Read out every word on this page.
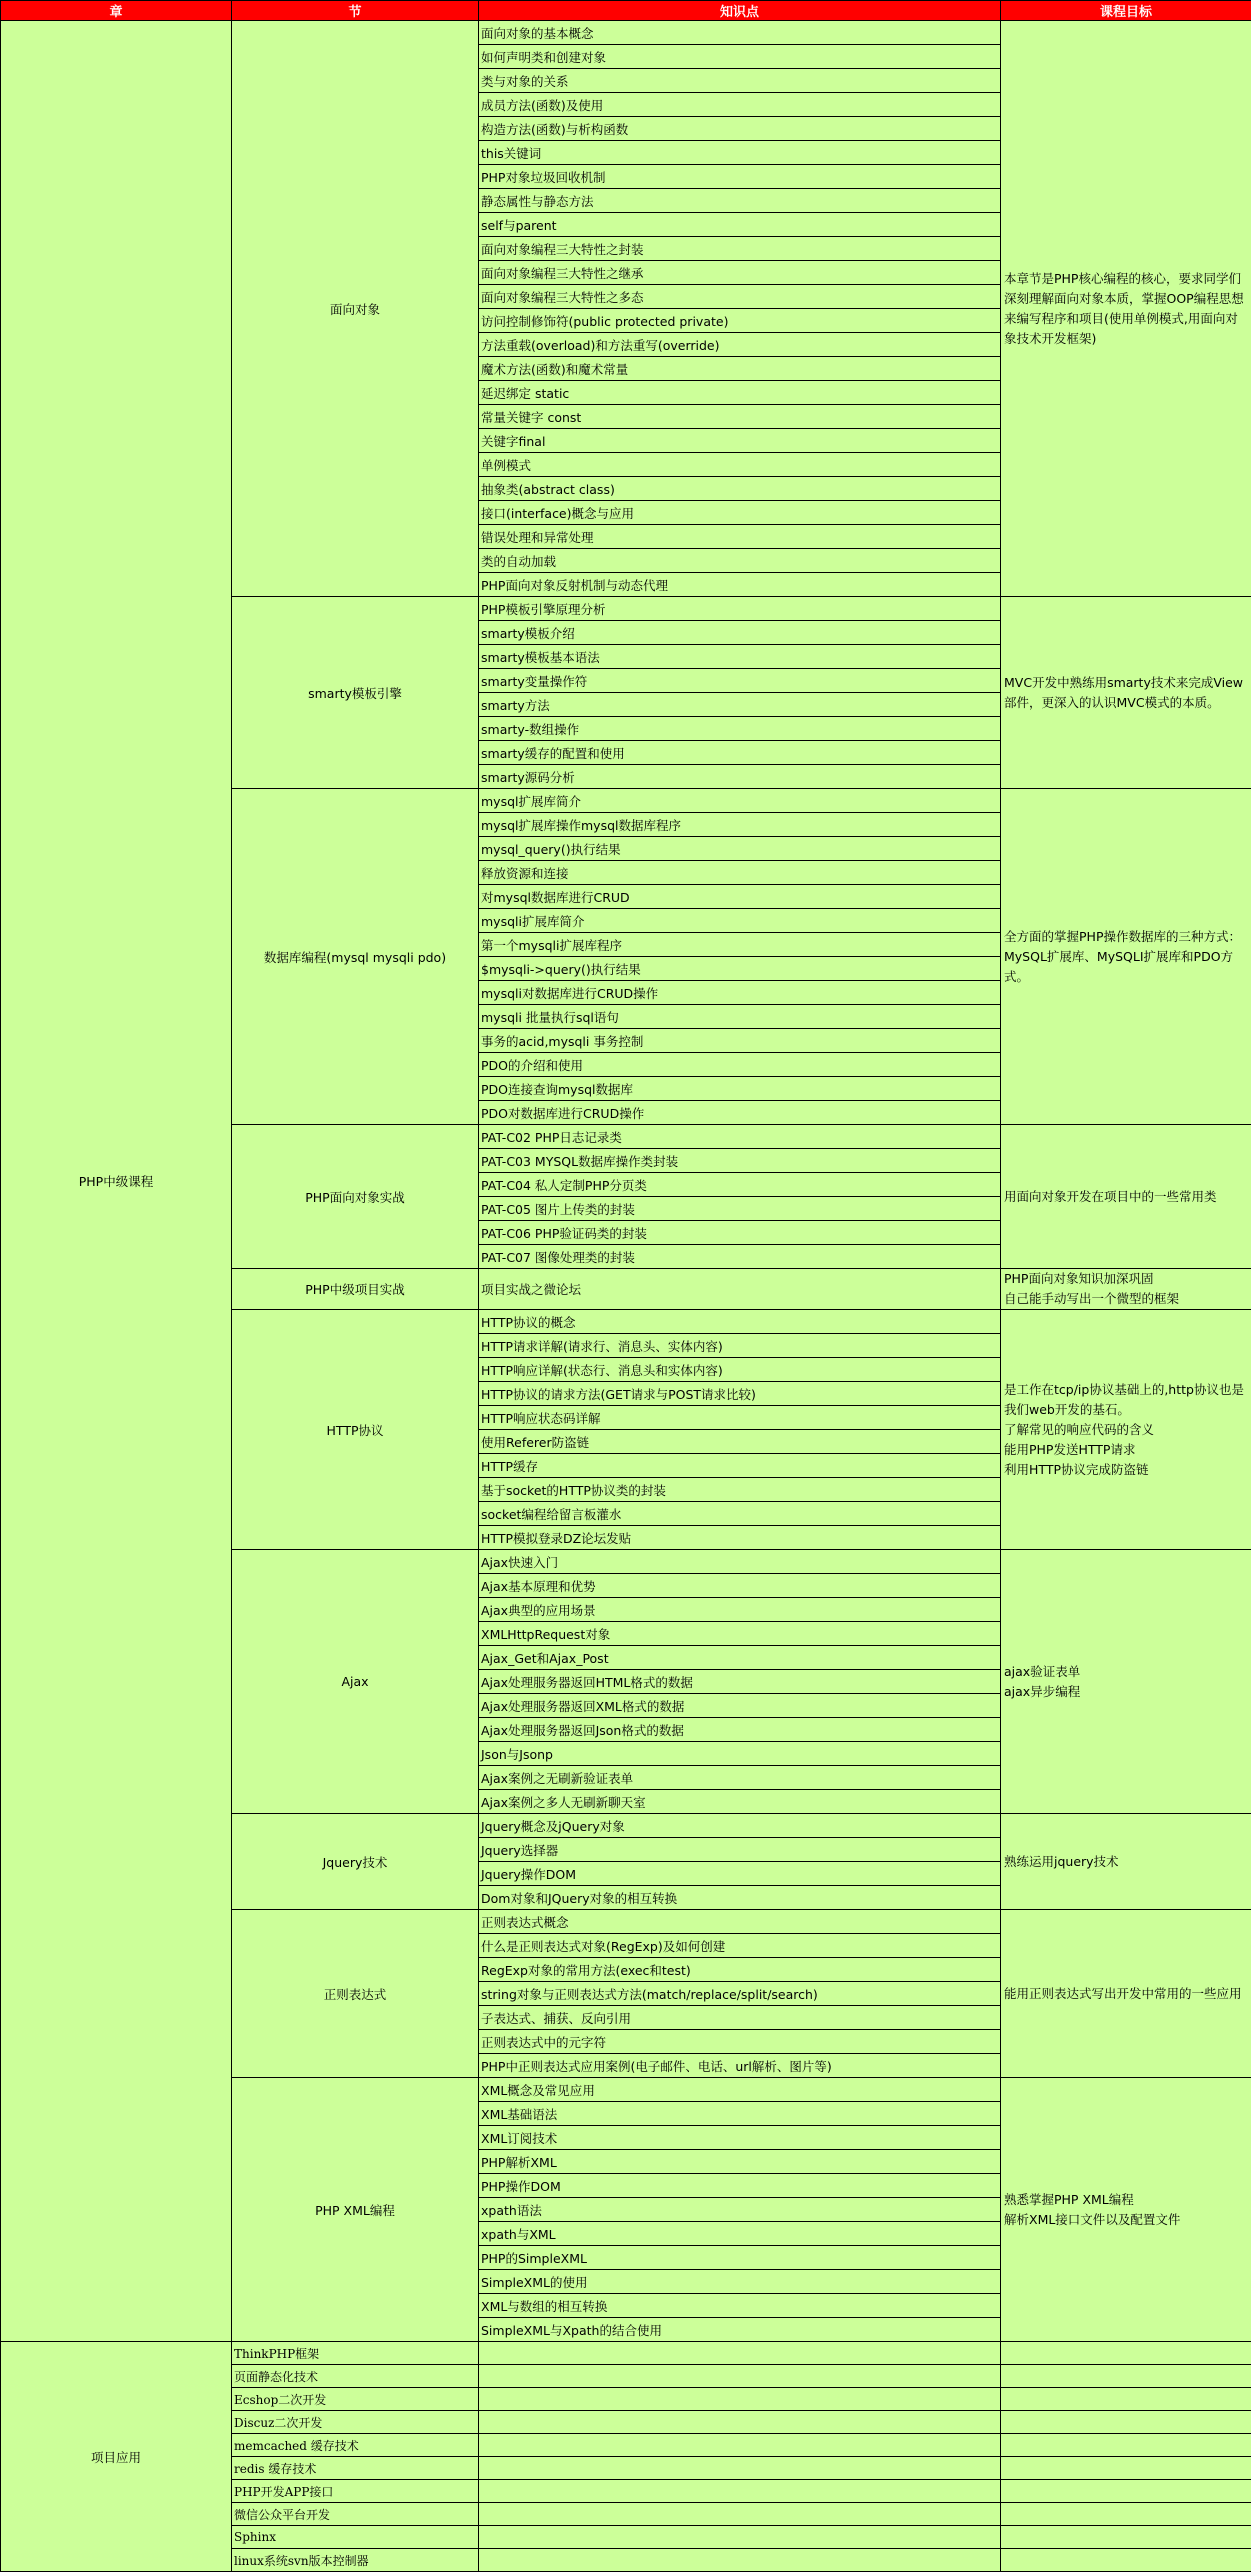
章	节	知识点	课程目标
PHP中级课程	面向对象	面向对象的基本概念	本章节是PHP核心编程的核心，要求同学们深刻理解面向对象本质，掌握OOP编程思想来编写程序和项目(使用单例模式,用面向对象技术开发框架)
		如何声明类和创建对象	
		类与对象的关系	
		成员方法(函数)及使用	
		构造方法(函数)与析构函数	
		this关键词	
		PHP对象垃圾回收机制	
		静态属性与静态方法	
		self与parent	
		面向对象编程三大特性之封装	
		面向对象编程三大特性之继承	
		面向对象编程三大特性之多态	
		访问控制修饰符(public protected private)	
		方法重载(overload)和方法重写(override)	
		魔术方法(函数)和魔术常量	
		延迟绑定 static	
		常量关键字 const	
		关键字final	
		单例模式	
		抽象类(abstract class)	
		接口(interface)概念与应用	
		错误处理和异常处理	
		类的自动加载	
		PHP面向对象反射机制与动态代理	
	smarty模板引擎	PHP模板引擎原理分析	MVC开发中熟练用smarty技术来完成View部件，更深入的认识MVC模式的本质。
		smarty模板介绍	
		smarty模板基本语法	
		smarty变量操作符	
		smarty方法	
		smarty-数组操作	
		smarty缓存的配置和使用	
		smarty源码分析	
	数据库编程(mysql mysqli pdo)	mysql扩展库简介	全方面的掌握PHP操作数据库的三种方式：MySQL扩展库、MySQLI扩展库和PDO方式。
		mysql扩展库操作mysql数据库程序	
		mysql_query()执行结果	
		释放资源和连接	
		对mysql数据库进行CRUD	
		mysqli扩展库简介	
		第一个mysqli扩展库程序	
		$mysqli->query()执行结果	
		mysqli对数据库进行CRUD操作	
		mysqli 批量执行sql语句	
		事务的acid,mysqli 事务控制	
		PDO的介绍和使用	
		PDO连接查询mysql数据库	
		PDO对数据库进行CRUD操作	
	PHP面向对象实战	PAT-C02 PHP日志记录类	用面向对象开发在项目中的一些常用类
		PAT-C03 MYSQL数据库操作类封装	
		PAT-C04 私人定制PHP分页类	
		PAT-C05 图片上传类的封装	
		PAT-C06 PHP验证码类的封装	
		PAT-C07 图像处理类的封装	
	PHP中级项目实战	项目实战之微论坛	PHP面向对象知识加深巩固
自己能手动写出一个微型的框架
	HTTP协议	HTTP协议的概念	是工作在tcp/ip协议基础上的,http协议也是我们web开发的基石。
了解常见的响应代码的含义
能用PHP发送HTTP请求
利用HTTP协议完成防盗链
		HTTP请求详解(请求行、消息头、实体内容)	
		HTTP响应详解(状态行、消息头和实体内容)	
		HTTP协议的请求方法(GET请求与POST请求比较)	
		HTTP响应状态码详解	
		使用Referer防盗链	
		HTTP缓存	
		基于socket的HTTP协议类的封装	
		socket编程给留言板灌水	
		HTTP模拟登录DZ论坛发贴	
	Ajax	Ajax快速入门	ajax验证表单
ajax异步编程
		Ajax基本原理和优势	
		Ajax典型的应用场景	
		XMLHttpRequest对象	
		Ajax_Get和Ajax_Post	
		Ajax处理服务器返回HTML格式的数据	
		Ajax处理服务器返回XML格式的数据	
		Ajax处理服务器返回Json格式的数据	
		Json与Jsonp	
		Ajax案例之无刷新验证表单	
		Ajax案例之多人无刷新聊天室	
	Jquery技术	Jquery概念及jQuery对象	熟练运用jquery技术
		Jquery选择器	
		Jquery操作DOM	
		Dom对象和JQuery对象的相互转换	
	正则表达式	正则表达式概念	能用正则表达式写出开发中常用的一些应用
		什么是正则表达式对象(RegExp)及如何创建	
		RegExp对象的常用方法(exec和test)	
		string对象与正则表达式方法(match/replace/split/search)	
		子表达式、捕获、反向引用	
		正则表达式中的元字符	
		PHP中正则表达式应用案例(电子邮件、电话、url解析、图片等)	
	PHP XML编程	XML概念及常见应用	熟悉掌握PHP XML编程
解析XML接口文件以及配置文件
		XML基础语法	
		XML订阅技术	
		PHP解析XML	
		PHP操作DOM	
		xpath语法	
		xpath与XML	
		PHP的SimpleXML	
		SimpleXML的使用	
		XML与数组的相互转换	
		SimpleXML与Xpath的结合使用	
项目应用	ThinkPHP框架		
	页面静态化技术		
	Ecshop二次开发		
	Discuz二次开发		
	memcached 缓存技术		
	redis 缓存技术		
	PHP开发APP接口		
	微信公众平台开发		
	Sphinx		
	linux系统svn版本控制器		
